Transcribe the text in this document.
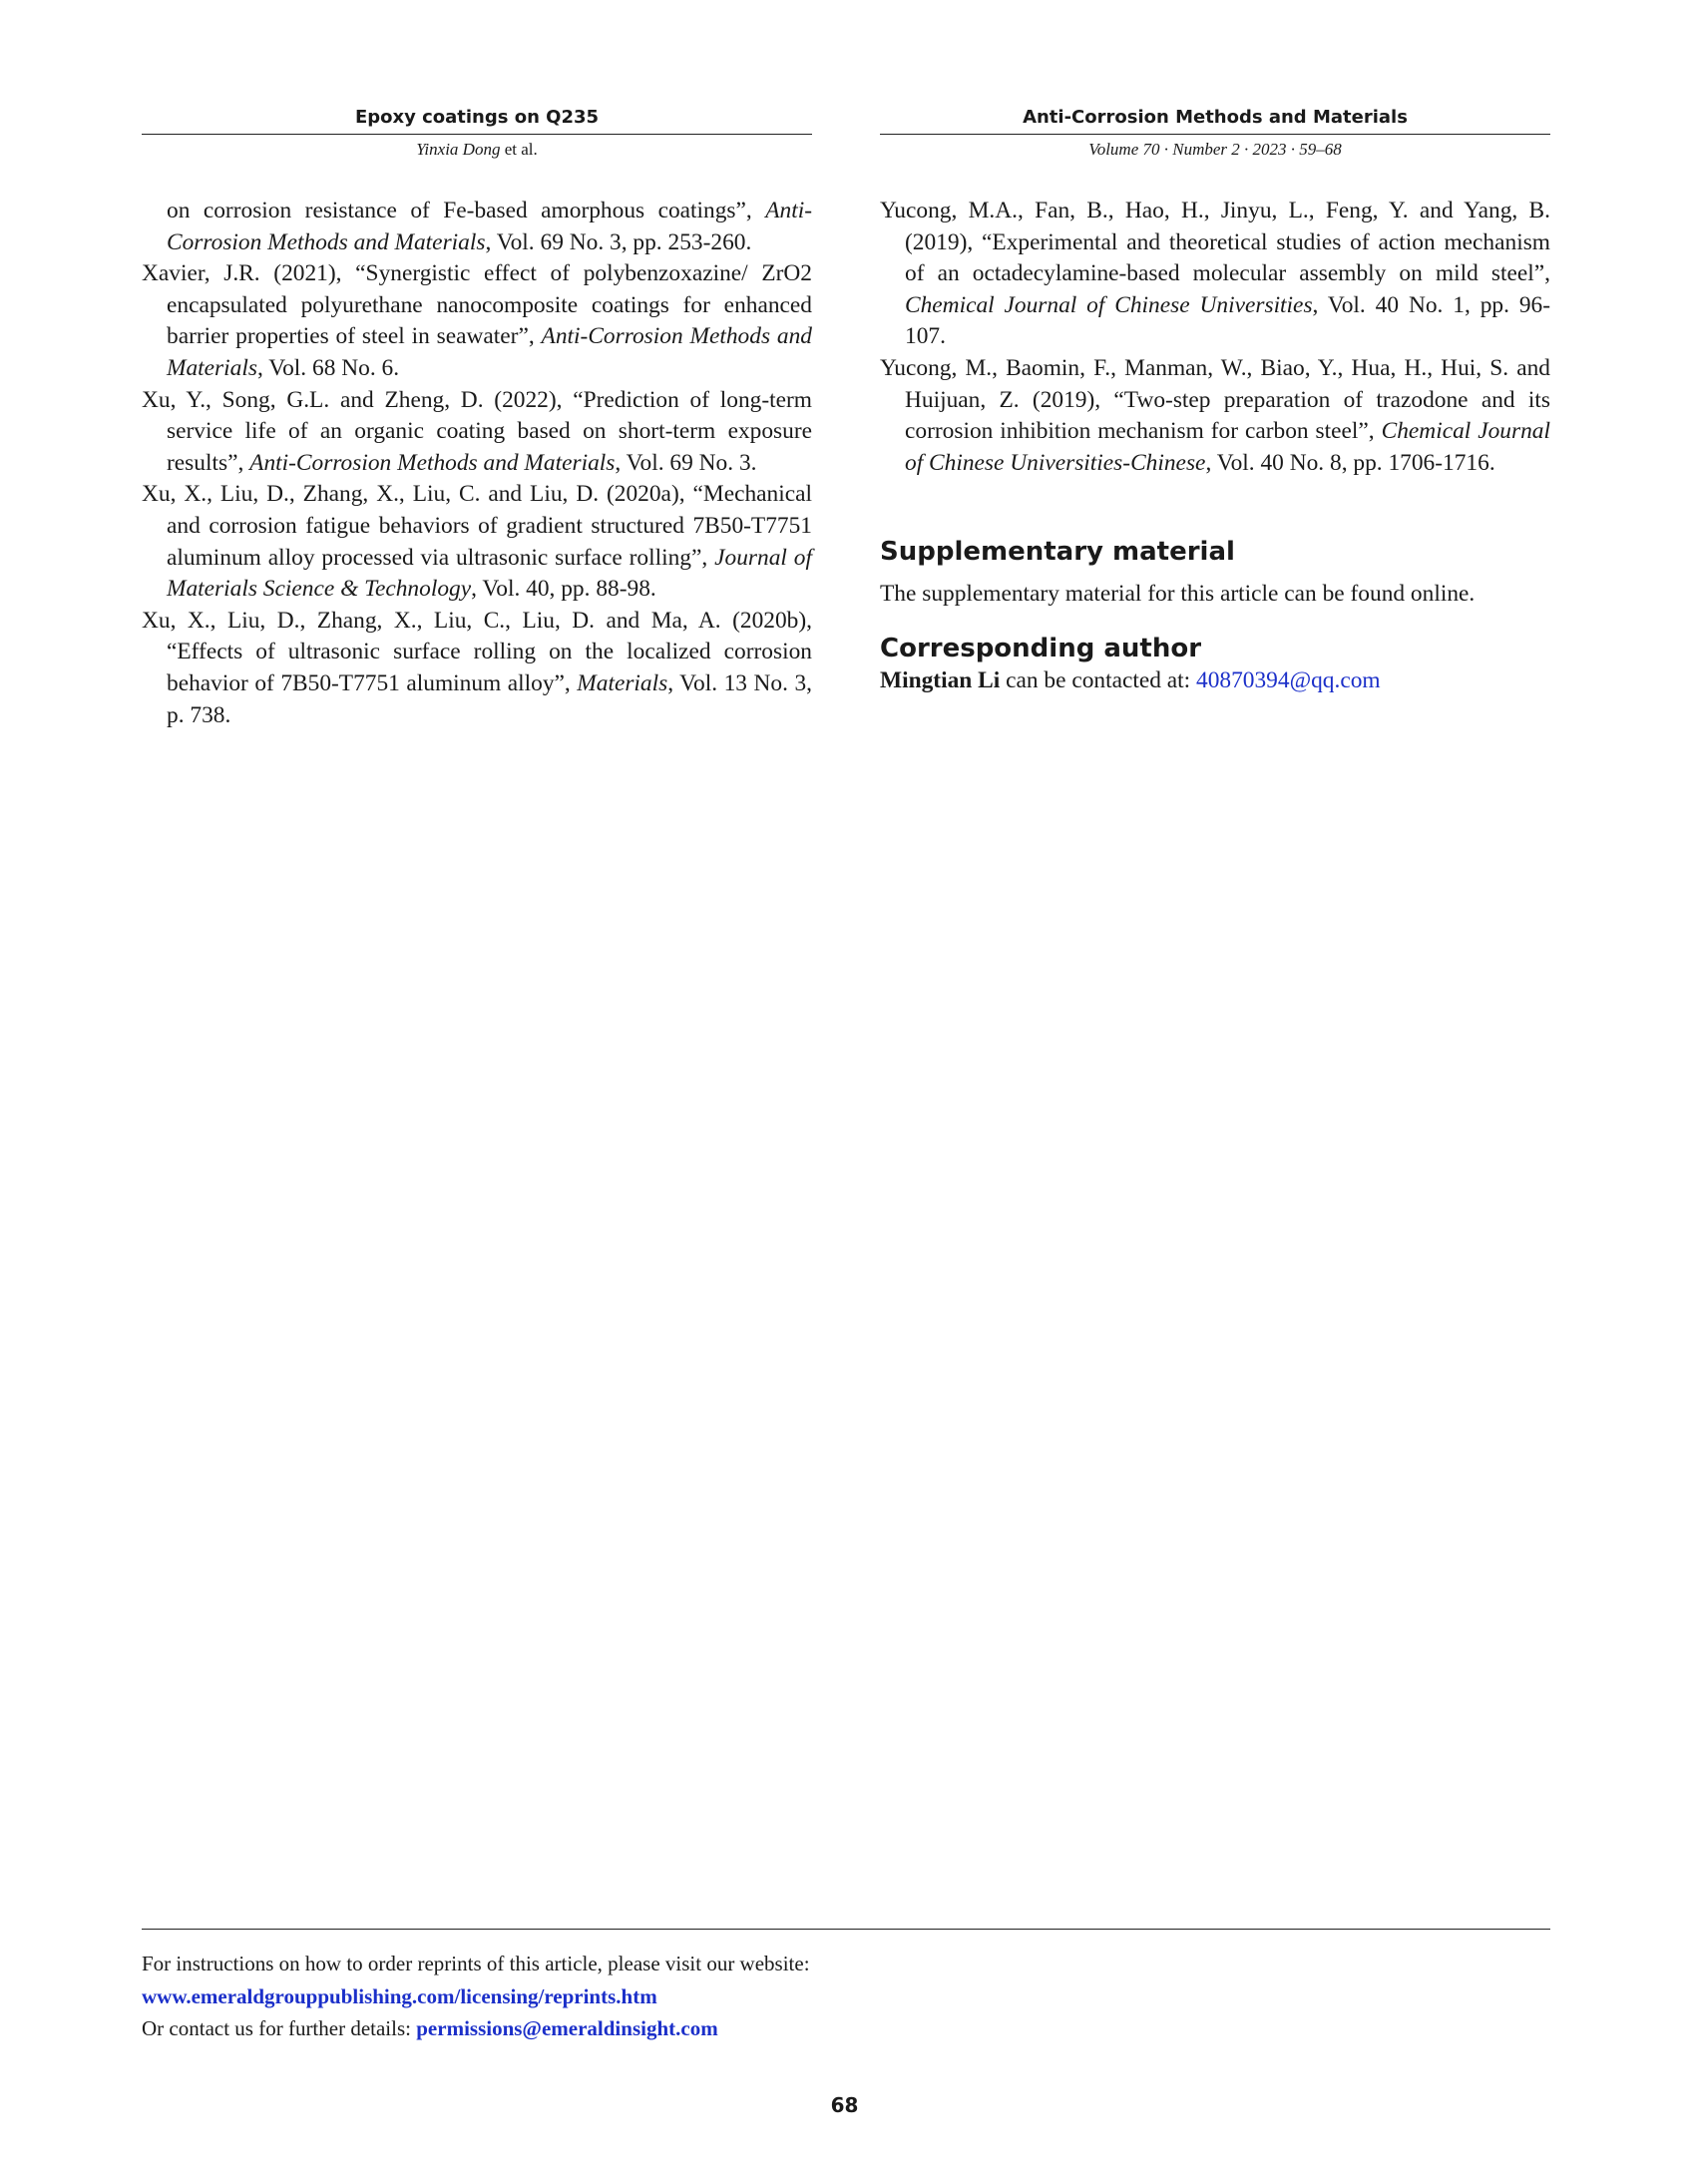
Epoxy coatings on Q235
Yinxia Dong et al.
Anti-Corrosion Methods and Materials
Volume 70 · Number 2 · 2023 · 59–68

on corrosion resistance of Fe-based amorphous coatings”, Anti-Corrosion Methods and Materials, Vol. 69 No. 3, pp. 253-260.

Xavier, J.R. (2021), “Synergistic effect of polybenzoxazine/ ZrO2 encapsulated polyurethane nanocomposite coatings for enhanced barrier properties of steel in seawater”, Anti-Corrosion Methods and Materials, Vol. 68 No. 6.

Xu, Y., Song, G.L. and Zheng, D. (2022), “Prediction of long-term service life of an organic coating based on short-term exposure results”, Anti-Corrosion Methods and Materials, Vol. 69 No. 3.

Xu, X., Liu, D., Zhang, X., Liu, C. and Liu, D. (2020a), “Mechanical and corrosion fatigue behaviors of gradient structured 7B50-T7751 aluminum alloy processed via ultrasonic surface rolling”, Journal of Materials Science & Technology, Vol. 40, pp. 88-98.

Xu, X., Liu, D., Zhang, X., Liu, C., Liu, D. and Ma, A. (2020b), “Effects of ultrasonic surface rolling on the localized corrosion behavior of 7B50-T7751 aluminum alloy”, Materials, Vol. 13 No. 3, p. 738.

Yucong, M.A., Fan, B., Hao, H., Jinyu, L., Feng, Y. and Yang, B. (2019), “Experimental and theoretical studies of action mechanism of an octadecylamine-based molecular assembly on mild steel”, Chemical Journal of Chinese Universities, Vol. 40 No. 1, pp. 96-107.

Yucong, M., Baomin, F., Manman, W., Biao, Y., Hua, H., Hui, S. and Huijuan, Z. (2019), “Two-step preparation of trazodone and its corrosion inhibition mechanism for carbon steel”, Chemical Journal of Chinese Universities-Chinese, Vol. 40 No. 8, pp. 1706-1716.

Supplementary material

The supplementary material for this article can be found online.

Corresponding author

Mingtian Li can be contacted at: 40870394@qq.com

For instructions on how to order reprints of this article, please visit our website:
www.emeraldgrouppublishing.com/licensing/reprints.htm
Or contact us for further details: permissions@emeraldinsight.com
68
